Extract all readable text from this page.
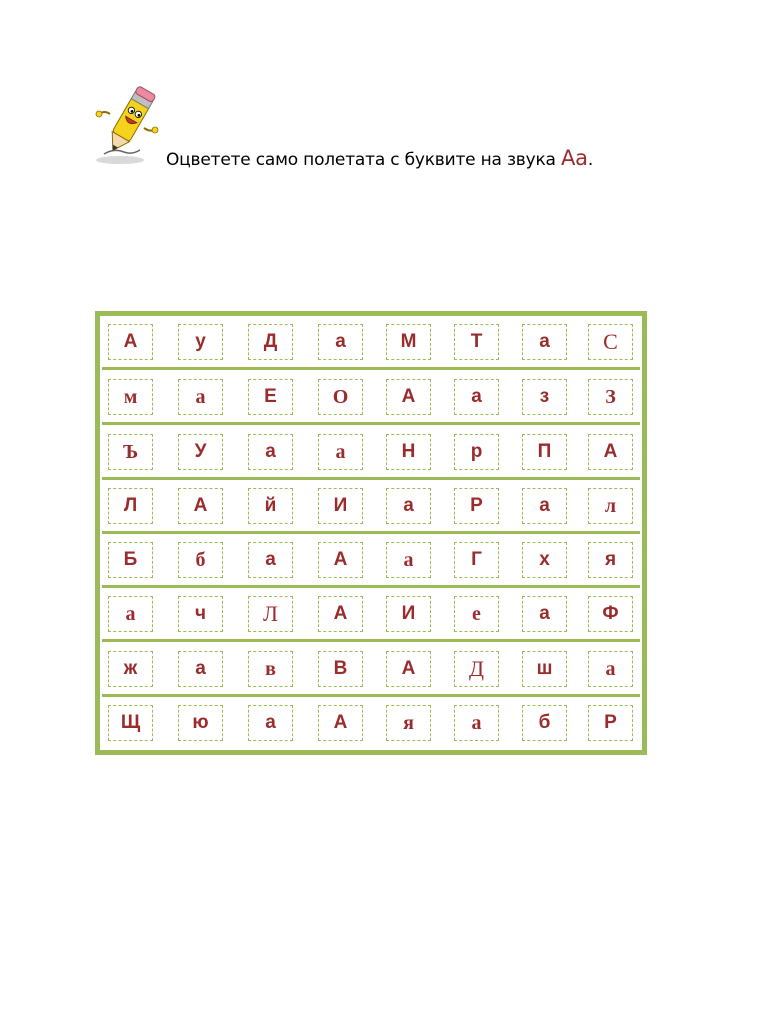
Оцветете само полетата с буквите на звука Аа.
А	у	Д	а	М	Т	а	С
м	а	Е	О	А	а	з	З
Ъ	У	а	а	Н	р	П	А
Л	А	й	И	а	Р	а	л
Б	б	а	А	а	Г	х	я
а	ч	Л	А	И	е	а	Ф
ж	а	в	В	А	Д	ш	а
Щ	ю	а	А	я	а	б	Р
